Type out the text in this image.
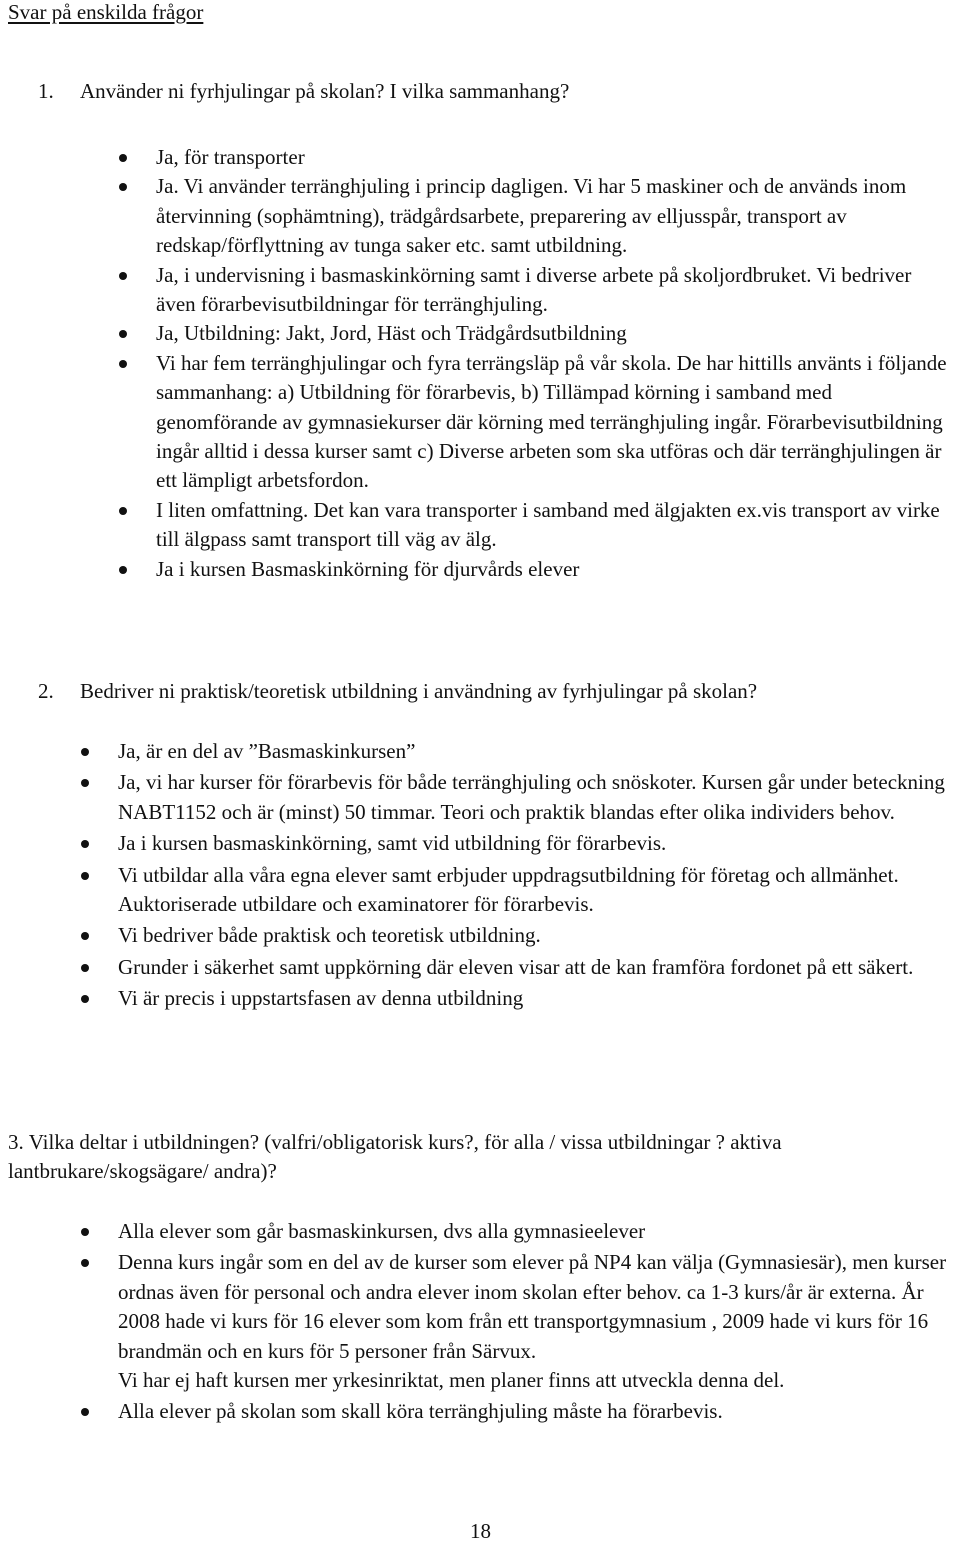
Svar på enskilda frågor

1. Använder ni fyrhjulingar på skolan? I vilka sammanhang?

Ja, för transporter
Ja. Vi använder terränghjuling i princip dagligen. Vi har 5 maskiner och de används inom återvinning (sophämtning), trädgårdsarbete, preparering av elljusspår, transport av redskap/förflyttning av tunga saker etc. samt utbildning.
Ja, i undervisning i basmaskinkörning samt i diverse arbete på skoljordbruket. Vi bedriver även förarbevisutbildningar för terränghjuling.
Ja, Utbildning: Jakt, Jord, Häst och Trädgårdsutbildning
Vi har fem terränghjulingar och fyra terrängsläp på vår skola. De har hittills använts i följande sammanhang: a) Utbildning för förarbevis, b) Tillämpad körning i samband med genomförande av gymnasiekurser där körning med terränghjuling ingår. Förarbevisutbildning ingår alltid i dessa kurser samt c) Diverse arbeten som ska utföras och där terränghjulingen är ett lämpligt arbetsfordon.
I liten omfattning. Det kan vara transporter i samband med älgjakten ex.vis transport av virke till älgpass samt transport till väg av älg.
Ja i kursen Basmaskinkörning för djurvårds elever

2. Bedriver ni praktisk/teoretisk utbildning i användning av fyrhjulingar på skolan?

Ja, är en del av ”Basmaskinkursen”
Ja, vi har kurser för förarbevis för både terränghjuling och snöskoter. Kursen går under beteckning NABT1152 och är (minst) 50 timmar. Teori och praktik blandas efter olika individers behov.
Ja i kursen basmaskinkörning, samt vid utbildning för förarbevis.
Vi utbildar alla våra egna elever samt erbjuder uppdragsutbildning för företag och allmänhet. Auktoriserade utbildare och examinatorer för förarbevis.
Vi bedriver både praktisk och teoretisk utbildning.
Grunder i säkerhet samt uppkörning där eleven visar att de kan framföra fordonet på ett säkert.
Vi är precis i uppstartsfasen av denna utbildning

3. Vilka deltar i utbildningen? (valfri/obligatorisk kurs?, för alla / vissa utbildningar ? aktiva lantbrukare/skogsägare/ andra)?

Alla elever som går basmaskinkursen, dvs alla gymnasieelever
Denna kurs ingår som en del av de kurser som elever på NP4 kan välja (Gymnasiesär), men kurser ordnas även för personal och andra elever inom skolan efter behov. ca 1-3 kurs/år är externa. År 2008 hade vi kurs för 16 elever som kom från ett transportgymnasium , 2009 hade vi kurs för 16 brandmän och en kurs för 5 personer från Särvux.
Vi har ej haft kursen mer yrkesinriktat, men planer finns att utveckla denna del.
Alla elever på skolan som skall köra terränghjuling måste ha förarbevis.

18
